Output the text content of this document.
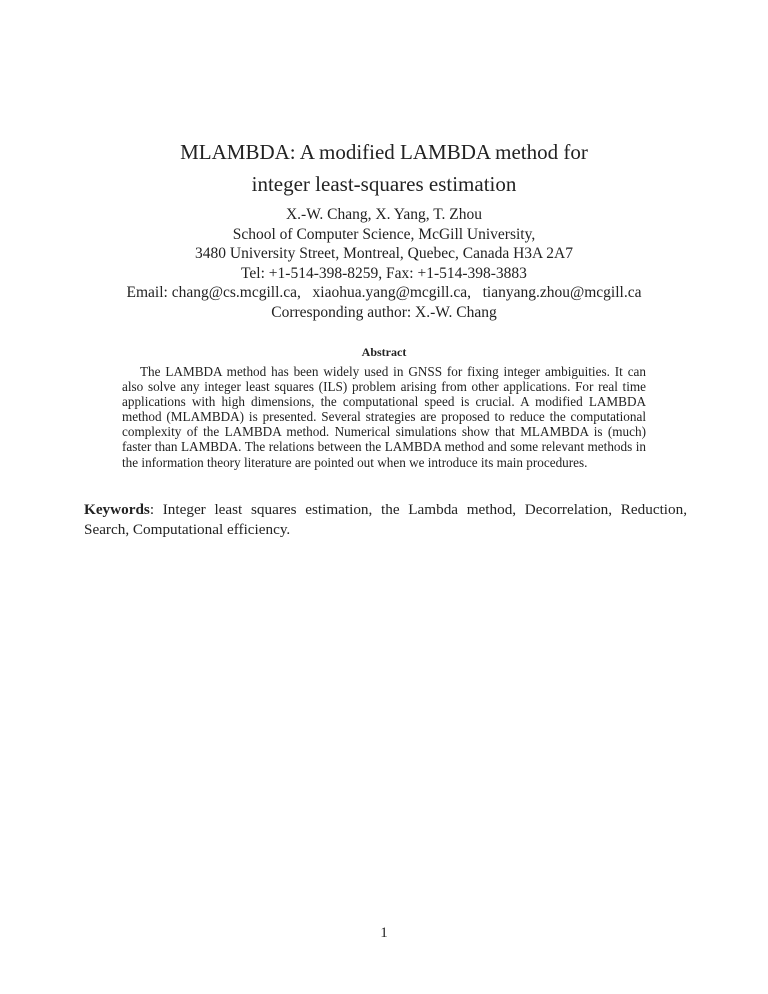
MLAMBDA: A modified LAMBDA method for
integer least-squares estimation
X.-W. Chang, X. Yang, T. Zhou
School of Computer Science, McGill University,
3480 University Street, Montreal, Quebec, Canada H3A 2A7
Tel: +1-514-398-8259, Fax: +1-514-398-3883
Email: chang@cs.mcgill.ca,   xiaohua.yang@mcgill.ca,   tianyang.zhou@mcgill.ca
Corresponding author: X.-W. Chang
Abstract
The LAMBDA method has been widely used in GNSS for fixing integer ambiguities. It can also solve any integer least squares (ILS) problem arising from other applications. For real time applications with high dimensions, the computational speed is crucial. A modified LAMBDA method (MLAMBDA) is presented. Several strategies are proposed to reduce the computational complexity of the LAMBDA method. Numerical simulations show that MLAMBDA is (much) faster than LAMBDA. The relations between the LAMBDA method and some relevant methods in the information theory literature are pointed out when we introduce its main procedures.
Keywords: Integer least squares estimation, the Lambda method, Decorrelation, Reduction, Search, Computational efficiency.
1
